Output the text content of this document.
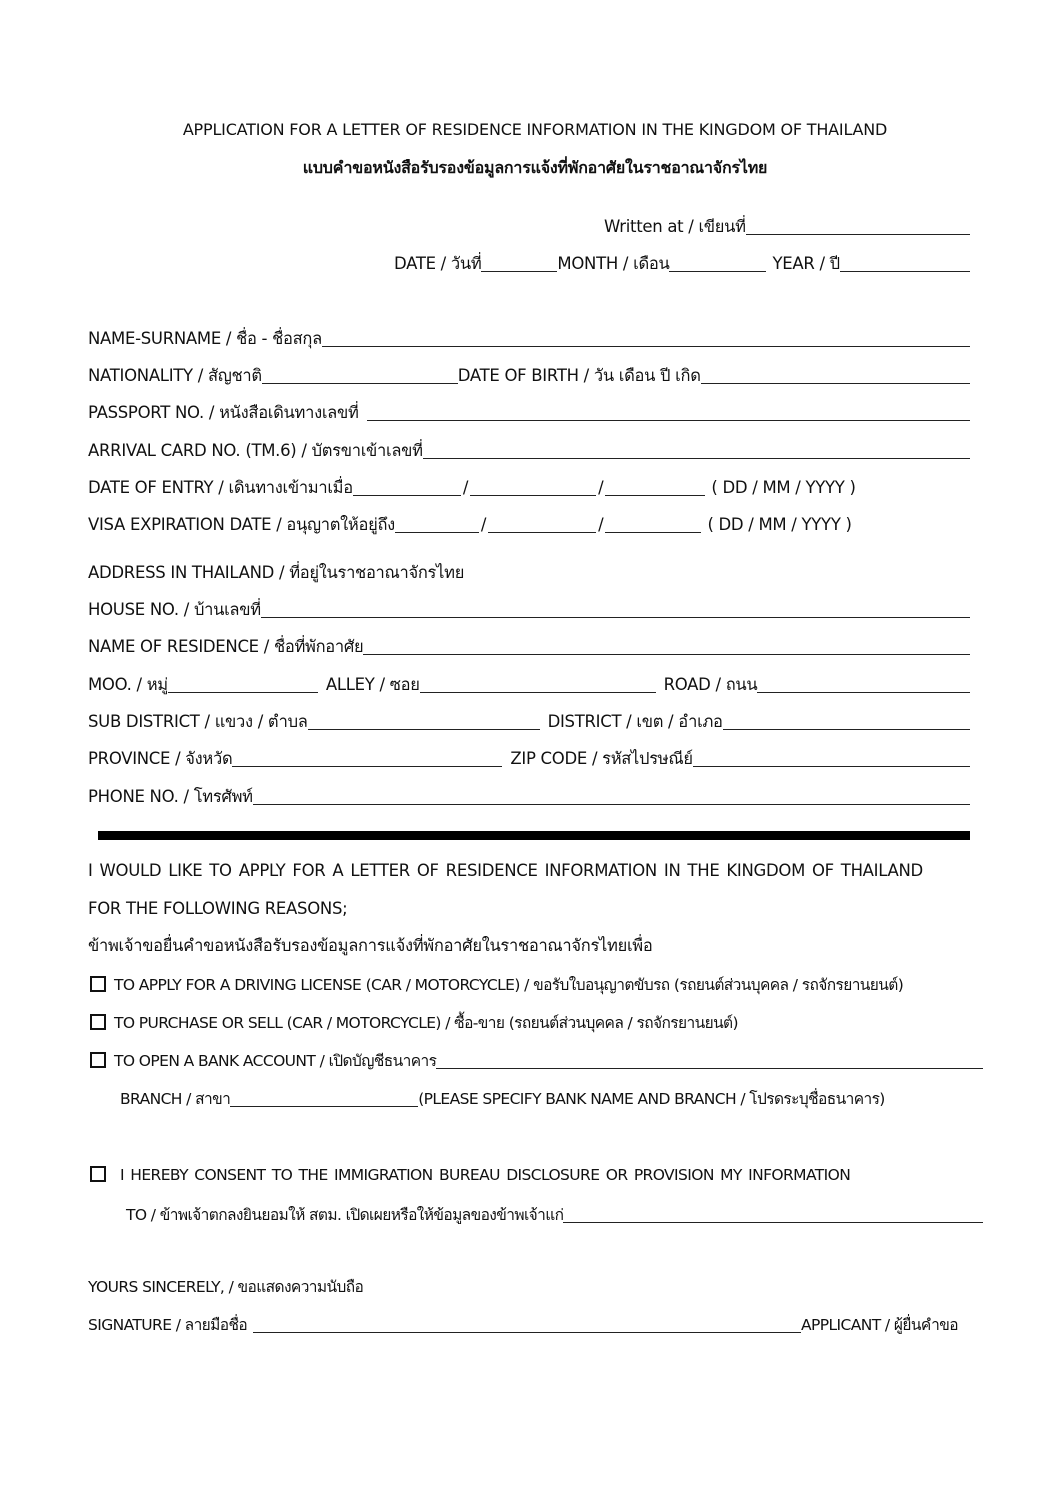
APPLICATION FOR A LETTER OF RESIDENCE INFORMATION IN THE KINGDOM OF THAILAND
แบบคำขอหนังสือรับรองข้อมูลการแจ้งที่พักอาศัยในราชอาณาจักรไทย
Written at / เขียนที่
DATE / วันที่	MONTH / เดือน	YEAR / ปี
NAME-SURNAME / ชื่อ - ชื่อสกุล
NATIONALITY / สัญชาติ	DATE OF BIRTH / วัน เดือน ปี เกิด
PASSPORT NO. / หนังสือเดินทางเลขที่
ARRIVAL CARD NO. (TM.6) / บัตรขาเข้าเลขที่
DATE OF ENTRY / เดินทางเข้ามาเมื่อ	/	/	( DD / MM / YYYY )
VISA EXPIRATION DATE / อนุญาตให้อยู่ถึง	/	/	( DD / MM / YYYY )
ADDRESS IN THAILAND / ที่อยู่ในราชอาณาจักรไทย
HOUSE NO. / บ้านเลขที่
NAME OF RESIDENCE / ชื่อที่พักอาศัย
MOO. / หมู่	ALLEY / ซอย	ROAD / ถนน
SUB DISTRICT / แขวง / ตำบล	DISTRICT / เขต / อำเภอ
PROVINCE / จังหวัด	ZIP CODE / รหัสไปรษณีย์
PHONE NO. / โทรศัพท์
I WOULD LIKE TO APPLY FOR A LETTER OF RESIDENCE INFORMATION IN THE KINGDOM OF THAILAND
FOR THE FOLLOWING REASONS;
ข้าพเจ้าขอยื่นคำขอหนังสือรับรองข้อมูลการแจ้งที่พักอาศัยในราชอาณาจักรไทยเพื่อ
TO APPLY FOR A DRIVING LICENSE (CAR / MOTORCYCLE) / ขอรับใบอนุญาตขับรถ (รถยนต์ส่วนบุคคล / รถจักรยานยนต์)
TO PURCHASE OR SELL (CAR / MOTORCYCLE) / ซื้อ-ขาย (รถยนต์ส่วนบุคคล / รถจักรยานยนต์)
TO OPEN A BANK ACCOUNT / เปิดบัญชีธนาคาร
BRANCH / สาขา	(PLEASE SPECIFY BANK NAME AND BRANCH / โปรดระบุชื่อธนาคาร)
I HEREBY CONSENT TO THE IMMIGRATION BUREAU DISCLOSURE OR PROVISION MY INFORMATION
TO / ข้าพเจ้าตกลงยินยอมให้ สตม. เปิดเผยหรือให้ข้อมูลของข้าพเจ้าแก่
YOURS SINCERELY, / ขอแสดงความนับถือ
SIGNATURE / ลายมือชื่อ	APPLICANT / ผู้ยื่นคำขอ
